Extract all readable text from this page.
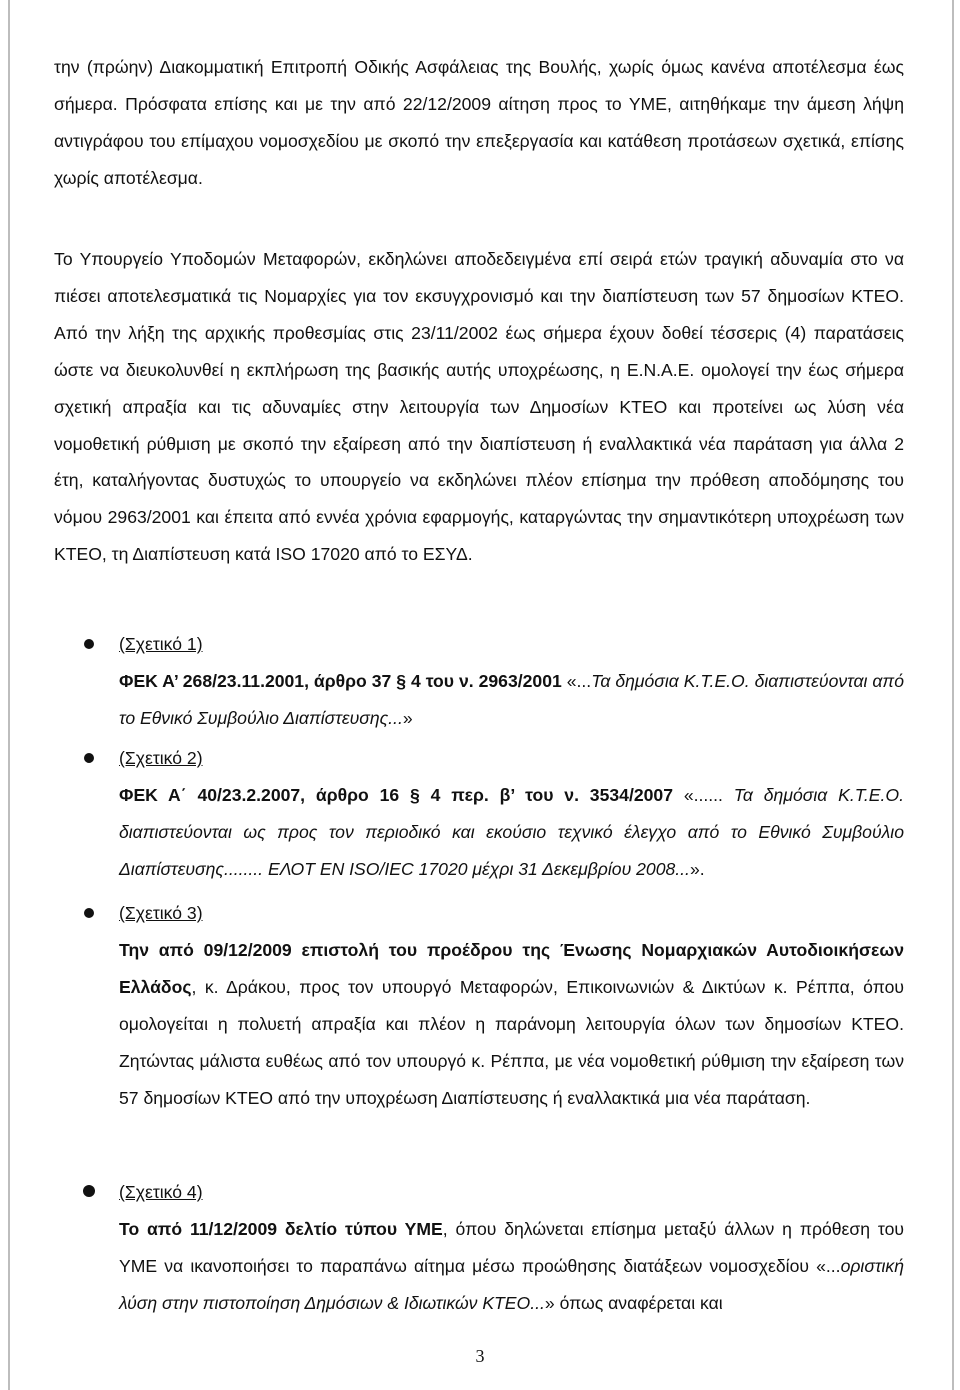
την (πρώην) Διακομματική Επιτροπή Οδικής Ασφάλειας της Βουλής, χωρίς όμως κανένα αποτέλεσμα έως σήμερα. Πρόσφατα επίσης και με την από 22/12/2009 αίτηση προς το ΥΜΕ, αιτηθήκαμε την άμεση λήψη αντιγράφου του επίμαχου νομοσχεδίου με σκοπό την επεξεργασία και κατάθεση προτάσεων σχετικά, επίσης χωρίς αποτέλεσμα.

Το Υπουργείο Υποδομών Μεταφορών, εκδηλώνει αποδεδειγμένα επί σειρά ετών τραγική αδυναμία στο να πιέσει αποτελεσματικά τις Νομαρχίες για τον εκσυγχρονισμό και την διαπίστευση των 57 δημοσίων ΚΤΕΟ. Από την λήξη της αρχικής προθεσμίας στις 23/11/2002 έως σήμερα έχουν δοθεί τέσσερις (4) παρατάσεις ώστε να διευκολυνθεί η εκπλήρωση της βασικής αυτής υποχρέωσης, η Ε.Ν.Α.Ε. ομολογεί την έως σήμερα σχετική απραξία και τις αδυναμίες στην λειτουργία των Δημοσίων ΚΤΕΟ και προτείνει ως λύση νέα νομοθετική ρύθμιση με σκοπό την εξαίρεση από την διαπίστευση ή εναλλακτικά νέα παράταση για άλλα 2 έτη, καταλήγοντας δυστυχώς το υπουργείο να εκδηλώνει πλέον επίσημα την πρόθεση αποδόμησης του νόμου 2963/2001 και έπειτα από εννέα χρόνια εφαρμογής, καταργώντας την σημαντικότερη υποχρέωση των ΚΤΕΟ, τη Διαπίστευση κατά ISO 17020 από το ΕΣΥΔ.

(Σχετικό 1)
ΦΕΚ Α’ 268/23.11.2001, άρθρο 37 § 4 του ν. 2963/2001 «...Τα δημόσια Κ.Τ.Ε.Ο. διαπιστεύονται από το Εθνικό Συμβούλιο Διαπίστευσης...»

(Σχετικό 2)
ΦΕΚ Α΄ 40/23.2.2007, άρθρο 16 § 4 περ. β’ του ν. 3534/2007 «...... Τα δημόσια Κ.Τ.Ε.Ο. διαπιστεύονται ως προς τον περιοδικό και εκούσιο τεχνικό έλεγχο από το Εθνικό Συμβούλιο Διαπίστευσης........ ΕΛΟΤ ΕΝ ISO/IEC 17020 μέχρι 31 Δεκεμβρίου 2008...».

(Σχετικό 3)
Την από 09/12/2009 επιστολή του προέδρου της Ένωσης Νομαρχιακών Αυτοδιοικήσεων Ελλάδος, κ. Δράκου, προς τον υπουργό Μεταφορών, Επικοινωνιών & Δικτύων κ. Ρέππα, όπου ομολογείται η πολυετή απραξία και πλέον η παράνομη λειτουργία όλων των δημοσίων ΚΤΕΟ. Ζητώντας μάλιστα ευθέως από τον υπουργό κ. Ρέππα, με νέα νομοθετική ρύθμιση την εξαίρεση των 57 δημοσίων ΚΤΕΟ από την υποχρέωση Διαπίστευσης ή εναλλακτικά μια νέα παράταση.

(Σχετικό 4)
Το από 11/12/2009 δελτίο τύπου ΥΜΕ, όπου δηλώνεται επίσημα μεταξύ άλλων η πρόθεση του ΥΜΕ να ικανοποιήσει το παραπάνω αίτημα μέσω προώθησης διατάξεων νομοσχεδίου «...οριστική λύση στην πιστοποίηση Δημόσιων & Ιδιωτικών ΚΤΕΟ...» όπως αναφέρεται και

3
